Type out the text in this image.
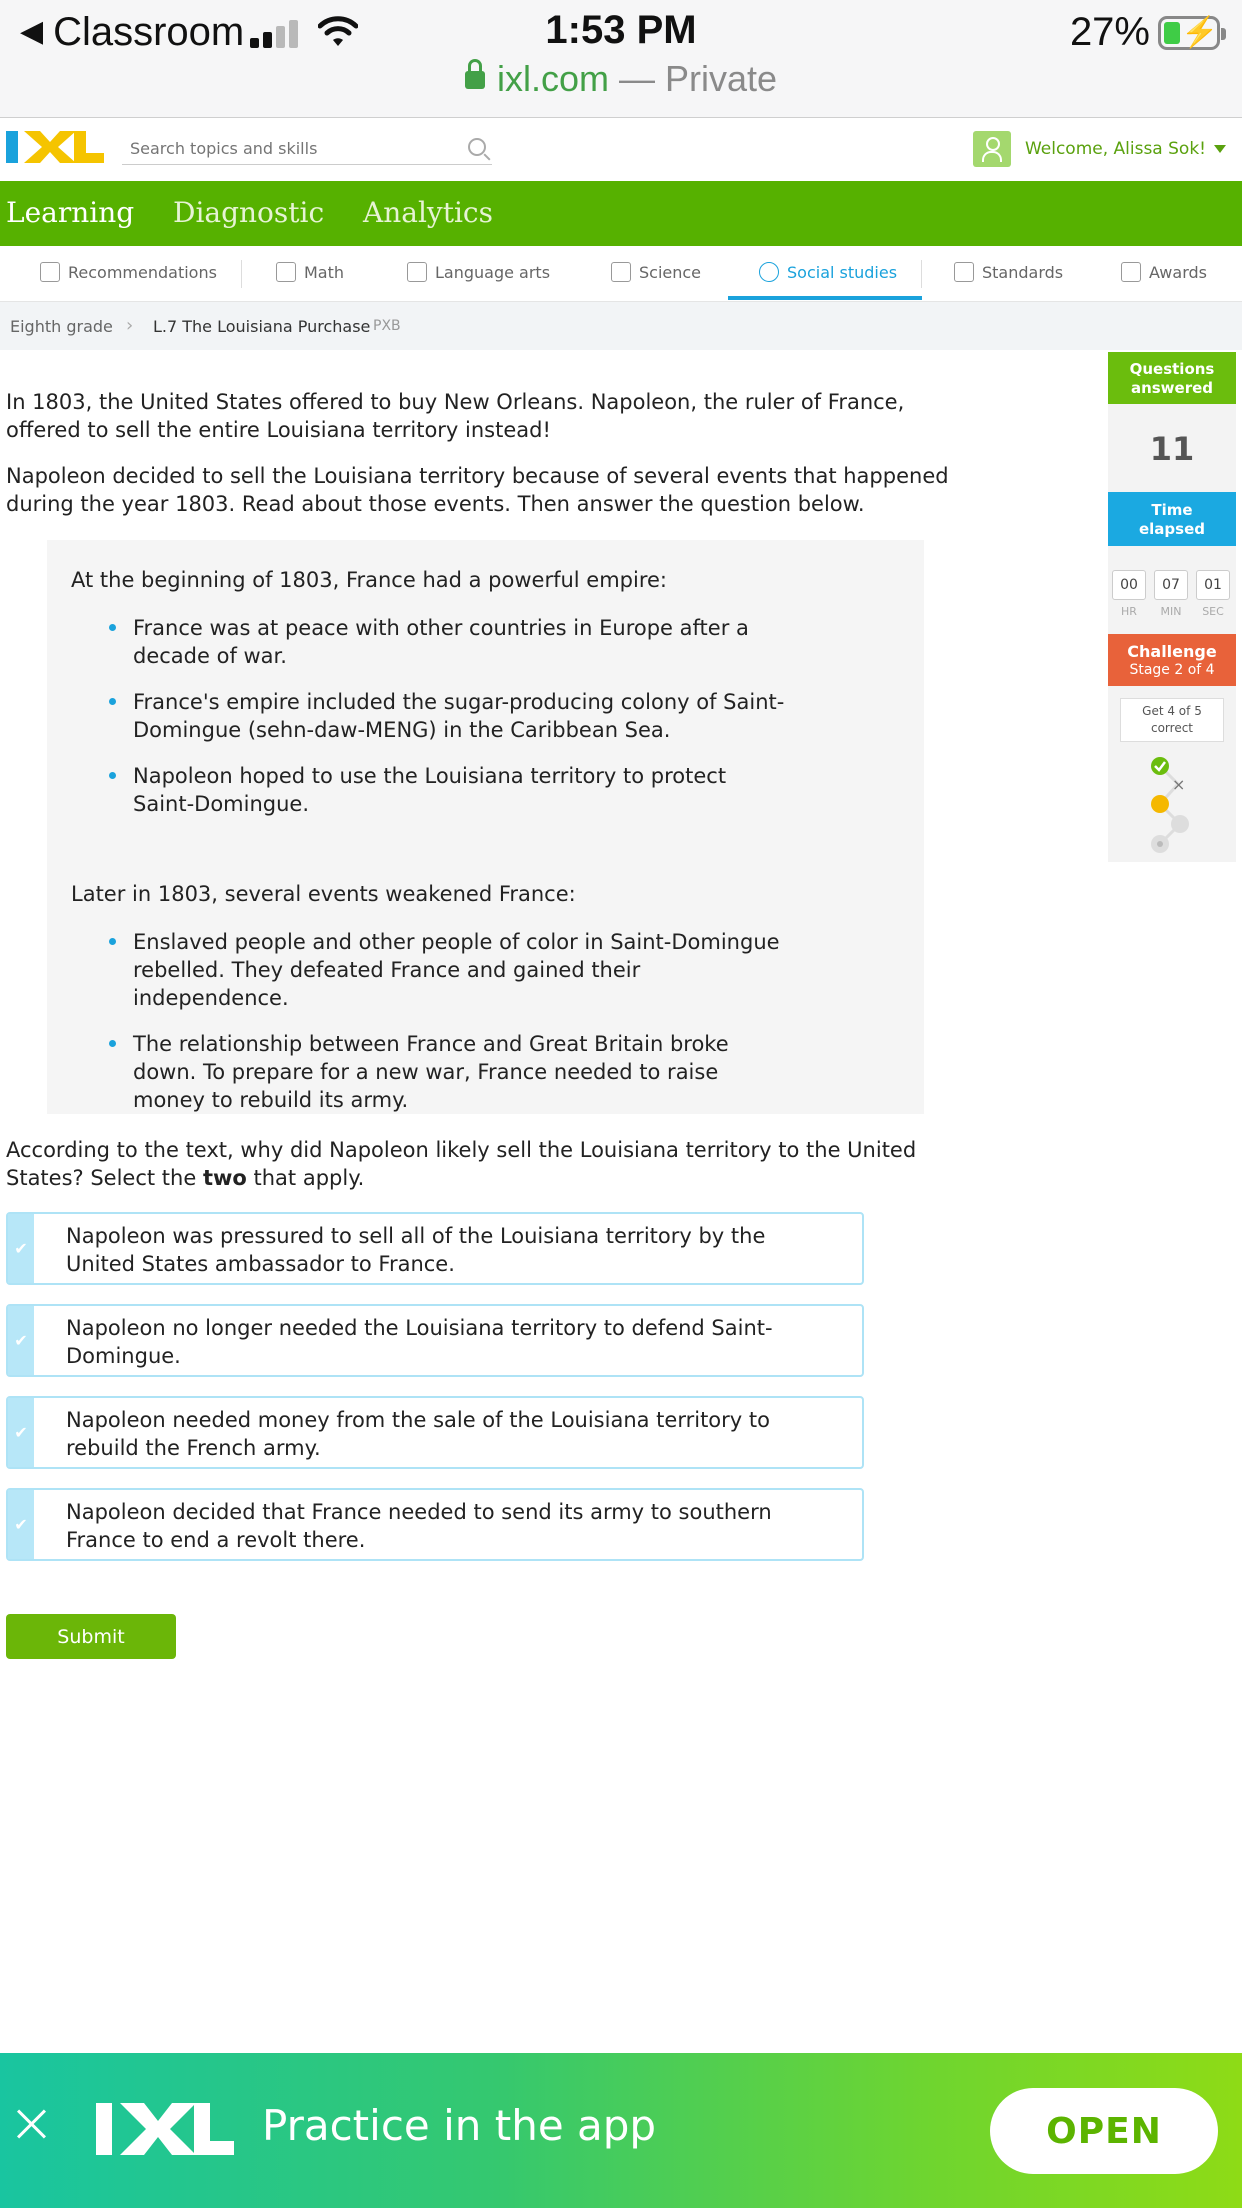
◀ Classroom	1:53 PM	27% ⚡
ixl.com — Private
Search topics and skills
Welcome, Alissa Sok!
Learning Diagnostic Analytics
Recommendations	Math	Language arts	Science	Social studies	Standards	Awards
Eighth grade › L.7 The Louisiana Purchase PXB

In 1803, the United States offered to buy New Orleans. Napoleon, the ruler of France, offered to sell the entire Louisiana territory instead!

Napoleon decided to sell the Louisiana territory because of several events that happened during the year 1803. Read about those events. Then answer the question below.

At the beginning of 1803, France had a powerful empire:
France was at peace with other countries in Europe after a decade of war.
France's empire included the sugar-producing colony of Saint-Domingue (sehn-daw-MENG) in the Caribbean Sea.
Napoleon hoped to use the Louisiana territory to protect Saint-Domingue.
Later in 1803, several events weakened France:
Enslaved people and other people of color in Saint-Domingue rebelled. They defeated France and gained their independence.
The relationship between France and Great Britain broke down. To prepare for a new war, France needed to raise money to rebuild its army.
According to the text, why did Napoleon likely sell the Louisiana territory to the United States? Select the two that apply.
✔
Napoleon was pressured to sell all of the Louisiana territory by the United States ambassador to France.
✔
Napoleon no longer needed the Louisiana territory to defend Saint-Domingue.
✔
Napoleon needed money from the sale of the Louisiana territory to rebuild the French army.
✔
Napoleon decided that France needed to send its army to southern France to end a revolt there.
Submit
Questions
answered
11
Time
elapsed
00	07	01
HR	MIN	SEC
Challenge
Stage 2 of 4
Get 4 of 5
correct
×
Practice in the app	OPEN
